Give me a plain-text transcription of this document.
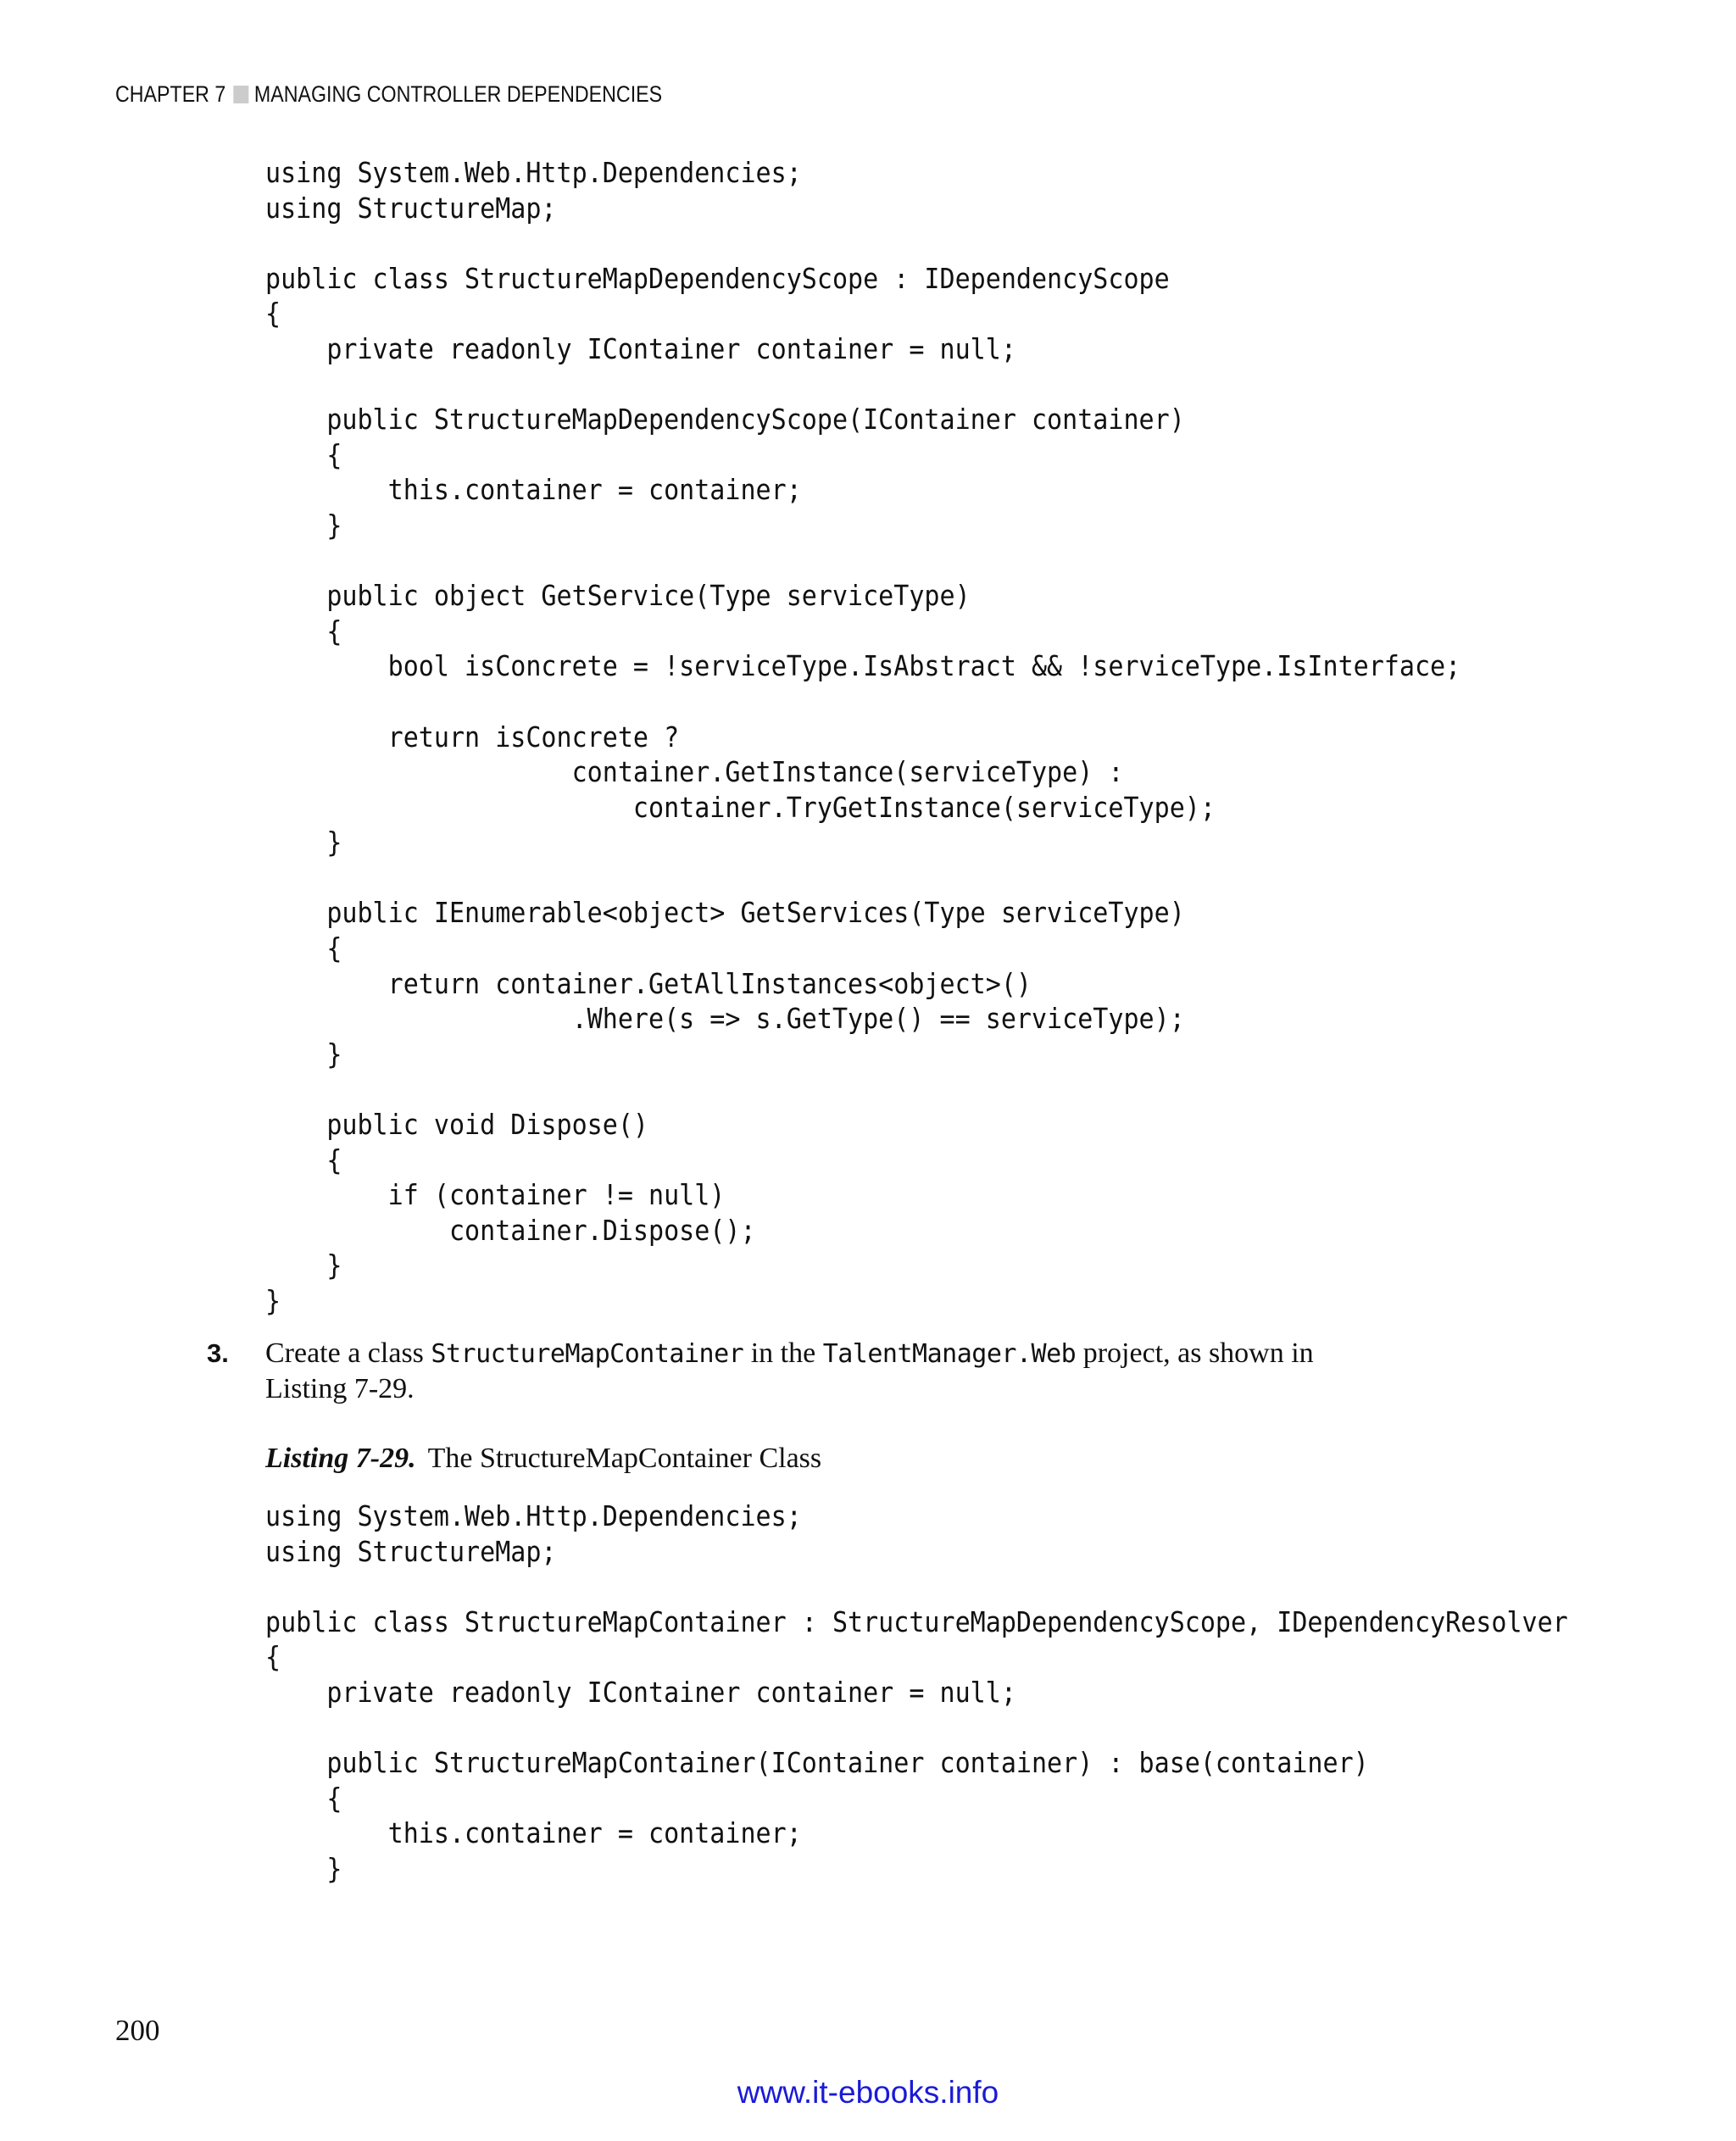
CHAPTER 7 MANAGING CONTROLLER DEPENDENCIES
using System.Web.Http.Dependencies;
using StructureMap;

public class StructureMapDependencyScope : IDependencyScope
{
private readonly IContainer container = null;

public StructureMapDependencyScope(IContainer container)
{
this.container = container;
}

public object GetService(Type serviceType)
{
bool isConcrete = !serviceType.IsAbstract && !serviceType.IsInterface;

return isConcrete ?
container.GetInstance(serviceType) :
container.TryGetInstance(serviceType);
}

public IEnumerable<object> GetServices(Type serviceType)
{
return container.GetAllInstances<object>()
.Where(s => s.GetType() == serviceType);
}

public void Dispose()
{
if (container != null)
container.Dispose();
}
}
3. Create a class StructureMapContainer in the TalentManager.Web project, as shown in Listing 7-29.
Listing 7-29. The StructureMapContainer Class
using System.Web.Http.Dependencies;
using StructureMap;

public class StructureMapContainer : StructureMapDependencyScope, IDependencyResolver
{
private readonly IContainer container = null;

public StructureMapContainer(IContainer container) : base(container)
{
this.container = container;
}
200
www.it-ebooks.info
